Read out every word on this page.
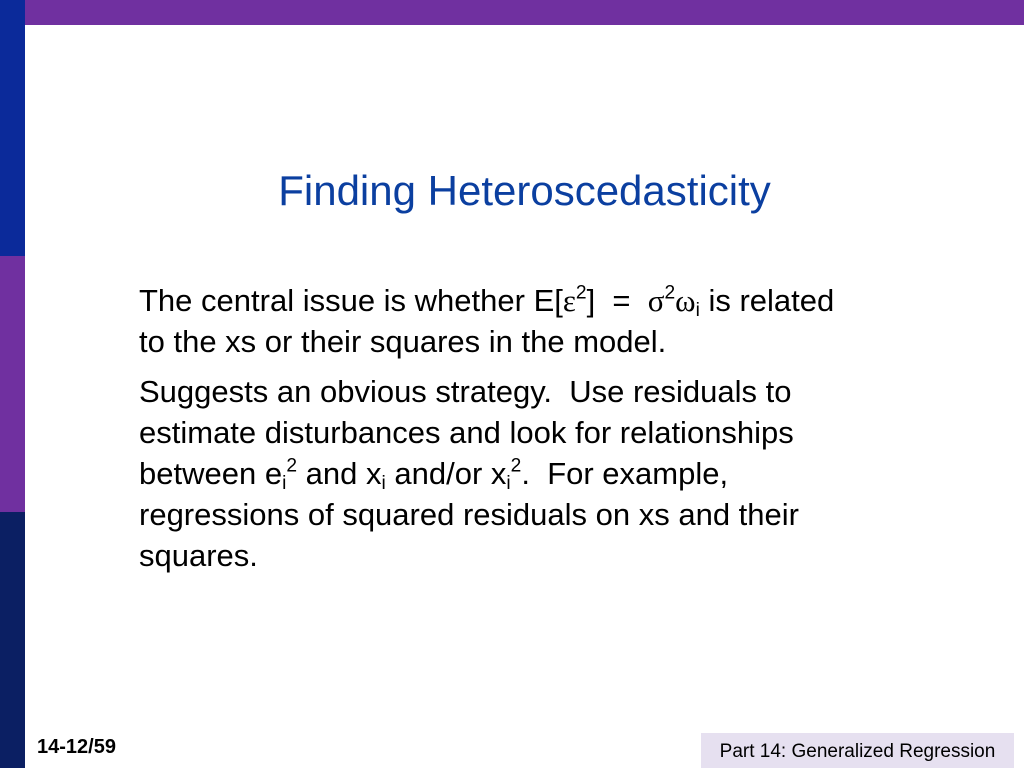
Finding Heteroscedasticity
The central issue is whether $E[\varepsilon^2] = \sigma^2\omega_i$ is related
to the xs or their squares in the model.
Suggests an obvious strategy.  Use residuals to
estimate disturbances and look for relationships
between $e_i^2$ and $x_i$ and/or $x_i^2$.  For example,
regressions of squared residuals on xs and their
squares.
14-12/59	Part 14: Generalized Regression
